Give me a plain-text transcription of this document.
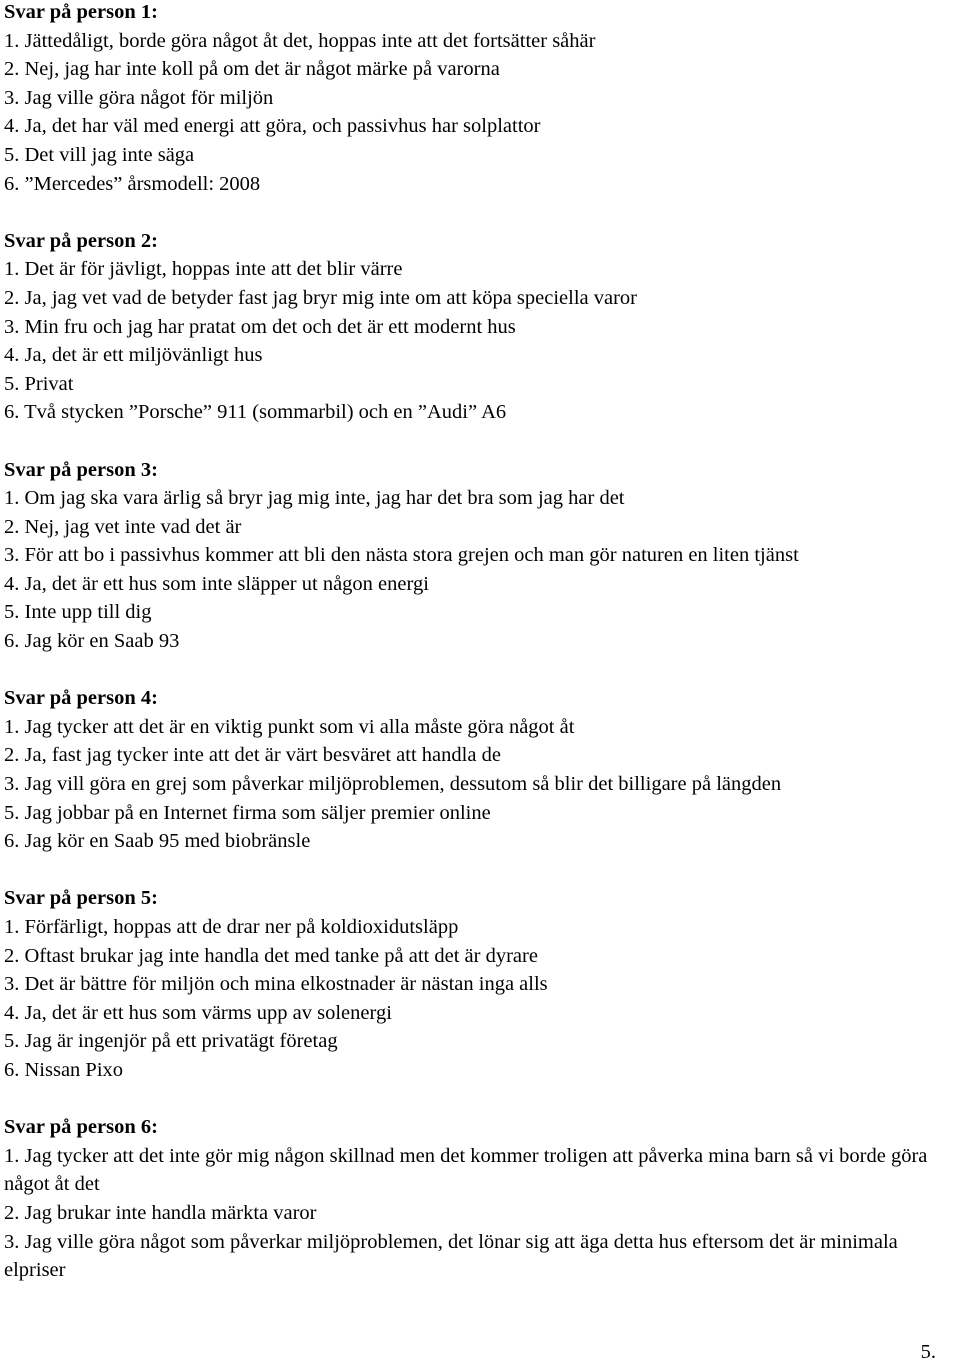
Svar på person 1:
1. Jättedåligt, borde göra något åt det, hoppas inte att det fortsätter såhär
2. Nej, jag har inte koll på om det är något märke på varorna
3. Jag ville göra något för miljön
4. Ja, det har väl med energi att göra, och passivhus har solplattor
5. Det vill jag inte säga
6. ”Mercedes” årsmodell: 2008
Svar på person 2:
1. Det är för jävligt, hoppas inte att det blir värre
2. Ja, jag vet vad de betyder fast jag bryr mig inte om att köpa speciella varor
3. Min fru och jag har pratat om det och det är ett modernt hus
4. Ja, det är ett miljövänligt hus
5. Privat
6. Två stycken ”Porsche” 911 (sommarbil) och en ”Audi” A6
Svar på person 3:
1. Om jag ska vara ärlig så bryr jag mig inte, jag har det bra som jag har det
2. Nej, jag vet inte vad det är
3. För att bo i passivhus kommer att bli den nästa stora grejen och man gör naturen en liten tjänst
4. Ja, det är ett hus som inte släpper ut någon energi
5. Inte upp till dig
6. Jag kör en Saab 93
Svar på person 4:
1. Jag tycker att det är en viktig punkt som vi alla måste göra något åt
2. Ja, fast jag tycker inte att det är värt besväret att handla de
3. Jag vill göra en grej som påverkar miljöproblemen, dessutom så blir det billigare på längden
5. Jag jobbar på en Internet firma som säljer premier online
6. Jag kör en Saab 95 med biobränsle
Svar på person 5:
1. Förfärligt, hoppas att de drar ner på koldioxidutsläpp
2. Oftast brukar jag inte handla det med tanke på att det är dyrare
3. Det är bättre för miljön och mina elkostnader är nästan inga alls
4. Ja, det är ett hus som värms upp av solenergi
5. Jag är ingenjör på ett privatägt företag
6. Nissan Pixo
Svar på person 6:
1. Jag tycker att det inte gör mig någon skillnad men det kommer troligen att påverka mina barn så vi borde göra något åt det
2. Jag brukar inte handla märkta varor
3. Jag ville göra något som påverkar miljöproblemen, det lönar sig att äga detta hus eftersom det är minimala elpriser
5.
